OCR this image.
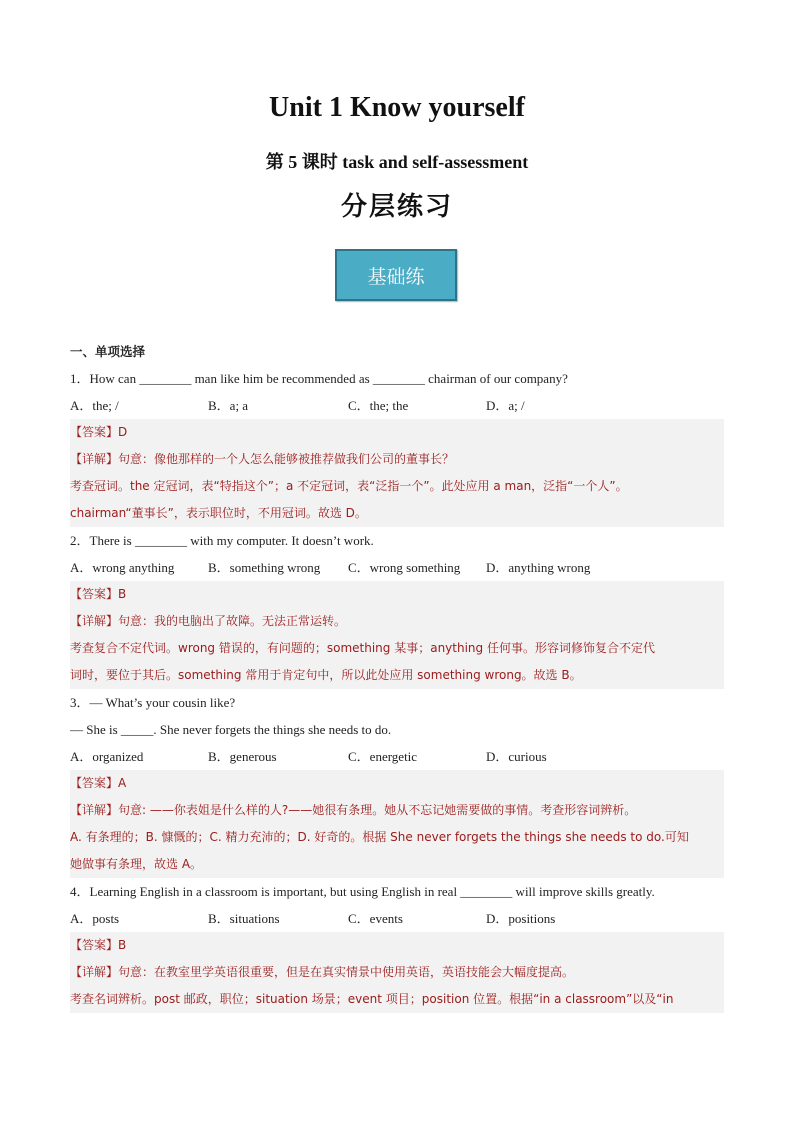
Unit 1 Know yourself
第 5 课时 task and self-assessment
分层练习
基础练
一、单项选择
1．How can ________ man like him be recommended as ________ chairman of our company?
A．the; /	B．a; a	C．the; the	D．a; /
【答案】D
【详解】句意：像他那样的一个人怎么能够被推荐做我们公司的董事长？
考查冠词。the 定冠词，表“特指这个”；a 不定冠词，表“泛指一个”。此处应用 a man，泛指“一个人”。
chairman“董事长”，表示职位时，不用冠词。故选 D。
2．There is ________ with my computer. It doesn’t work.
A．wrong anything	B．something wrong	C．wrong something	D．anything wrong
【答案】B
【详解】句意：我的电脑出了故障。无法正常运转。
考查复合不定代词。wrong 错误的，有问题的；something 某事；anything 任何事。形容词修饰复合不定代
词时，要位于其后。something 常用于肯定句中，所以此处应用 something wrong。故选 B。
3．— What’s your cousin like?
— She is _____. She never forgets the things she needs to do.
A．organized	B．generous	C．energetic	D．curious
【答案】A
【详解】句意: ——你表姐是什么样的人?——她很有条理。她从不忘记她需要做的事情。考查形容词辨析。
A. 有条理的；B. 慷慨的；C. 精力充沛的；D. 好奇的。根据 She never forgets the things she needs to do.可知
她做事有条理，故选 A。
4．Learning English in a classroom is important, but using English in real ________ will improve skills greatly.
A．posts	B．situations	C．events	D．positions
【答案】B
【详解】句意：在教室里学英语很重要，但是在真实情景中使用英语，英语技能会大幅度提高。
考查名词辨析。post 邮政，职位；situation 场景；event 项目；position 位置。根据“in a classroom”以及“in
